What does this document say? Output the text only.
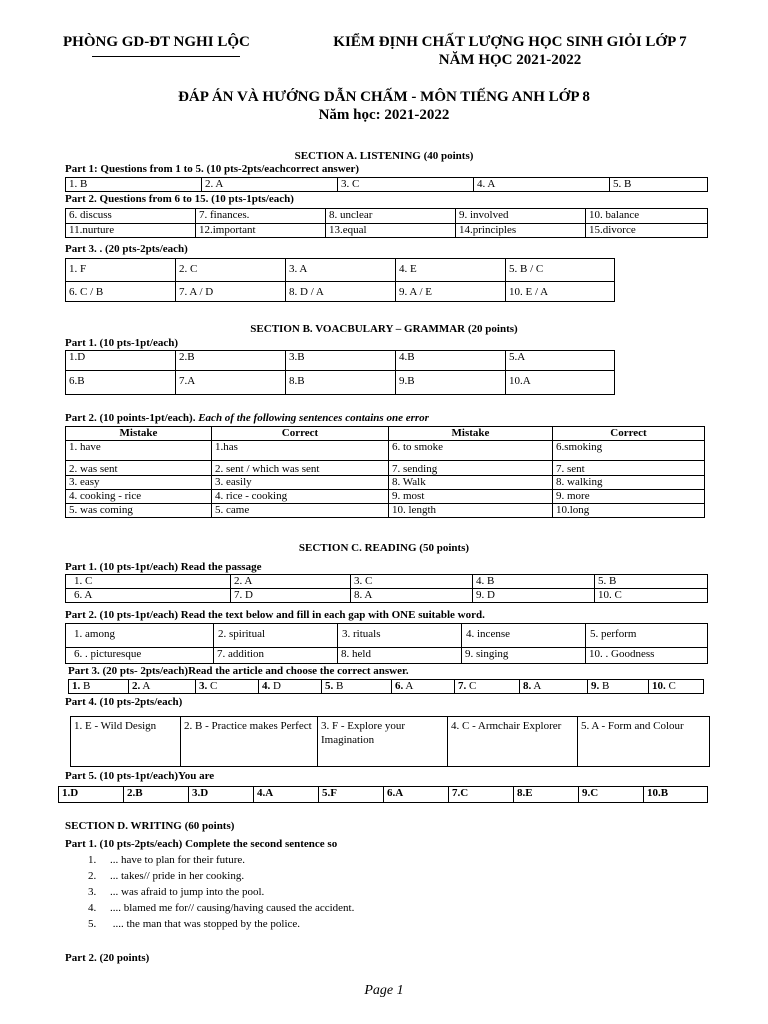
PHÒNG GD-ĐT NGHI LỘC	KIỂM ĐỊNH CHẤT LƯỢNG HỌC SINH GIỎI LỚP 7
NĂM HỌC 2021-2022
ĐÁP ÁN VÀ HƯỚNG DẪN CHẤM - MÔN TIẾNG ANH LỚP 8
Năm học: 2021-2022
SECTION A. LISTENING (40 points)
Part 1: Questions from 1 to 5. (10 pts-2pts/eachcorrect answer)
1. B	2. A	3. C	4. A	5. B
Part 2. Questions from 6 to 15. (10 pts-1pts/each)
6. discuss	7. finances.	8. unclear	9. involved	10. balance
11.nurture	12.important	13.equal	14.principles	15.divorce
Part 3. . (20 pts-2pts/each)
1. F	2. C	3. A	4. E	5. B / C
6. C / B	7. A / D	8. D / A	9. A / E	10. E / A
SECTION B. VOACBULARY – GRAMMAR (20 points)
Part 1. (10 pts-1pt/each)
1.D	2.B	3.B	4.B	5.A
6.B	7.A	8.B	9.B	10.A
Part 2. (10 points-1pt/each). Each of the following sentences contains one error
Mistake	Correct	Mistake	Correct
1. have	1.has	6. to smoke	6.smoking
2. was sent	2. sent / which was sent	7. sending	7. sent
3. easy	3. easily	8. Walk	8. walking
4. cooking - rice	4. rice - cooking	9. most	9. more
5. was coming	5. came	10. length	10.long
SECTION C. READING (50 points)
Part 1. (10 pts-1pt/each) Read the passage
1. C	2. A	3. C	4. B	5. B
6. A	7. D	8. A	9. D	10. C
Part 2. (10 pts-1pt/each) Read the text below and fill in each gap with ONE suitable word.
1. among	2. spiritual	3. rituals	4. incense	5. perform
6. . picturesque	7. addition	8. held	9. singing	10. . Goodness
Part 3. (20 pts- 2pts/each)Read the article and choose the correct answer.
1. B	2. A	3. C	4. D	5. B	6. A	7. C	8. A	9. B	10. C
Part 4. (10 pts-2pts/each)
1. E - Wild Design	2. B - Practice makes Perfect	3. F - Explore your Imagination	4. C - Armchair Explorer	5. A - Form and Colour
Part 5. (10 pts-1pt/each)You are
1.D	2.B	3.D	4.A	5.F	6.A	7.C	8.E	9.C	10.B
SECTION D. WRITING (60 points)
Part 1. (10 pts-2pts/each) Complete the second sentence so
1. ... have to plan for their future.
2. ... takes// pride in her cooking.
3. ... was afraid to jump into the pool.
4. .... blamed me for// causing/having caused the accident.
5. .... the man that was stopped by the police.
Part 2. (20 points)
Page 1
